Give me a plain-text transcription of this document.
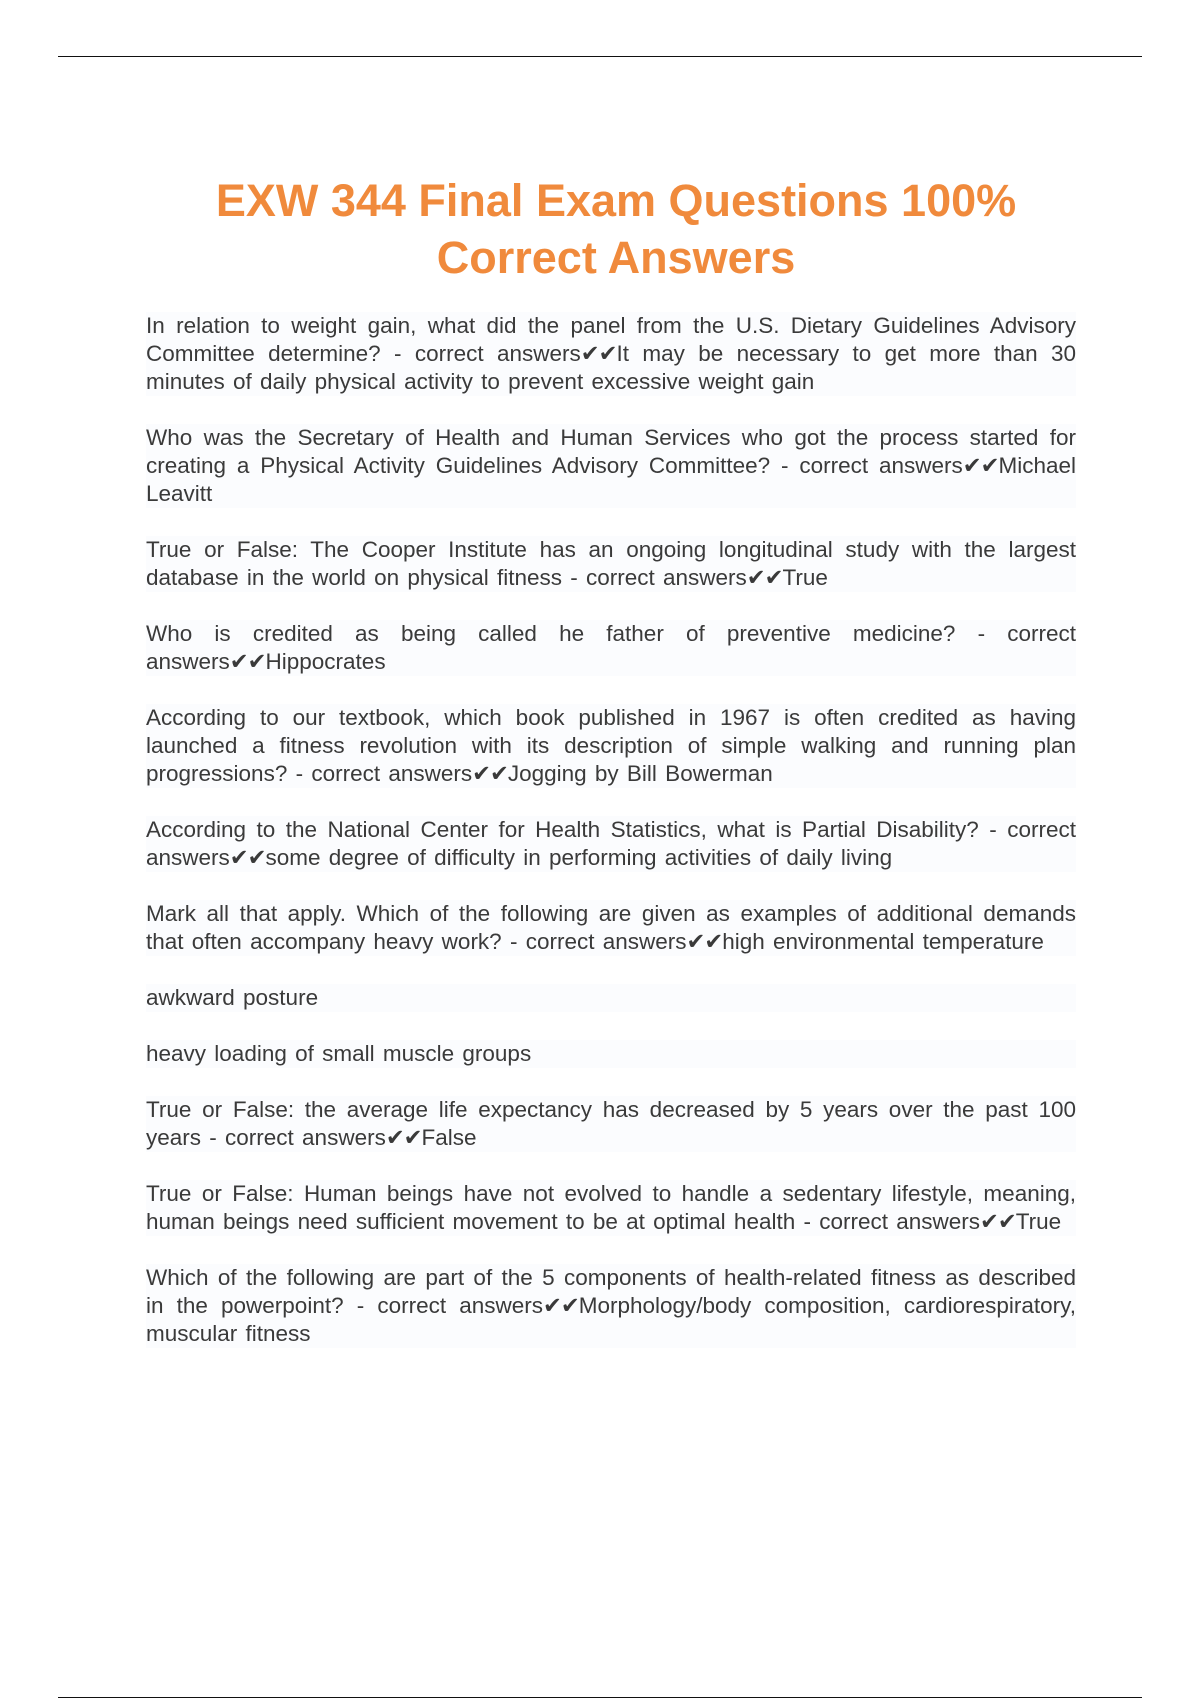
EXW 344 Final Exam Questions 100% Correct Answers

In relation to weight gain, what did the panel from the U.S. Dietary Guidelines Advisory Committee determine? - correct answers✔✔It may be necessary to get more than 30 minutes of daily physical activity to prevent excessive weight gain

Who was the Secretary of Health and Human Services who got the process started for creating a Physical Activity Guidelines Advisory Committee? - correct answers✔✔Michael Leavitt

True or False: The Cooper Institute has an ongoing longitudinal study with the largest database in the world on physical fitness - correct answers✔✔True

Who is credited as being called he father of preventive medicine? - correct answers✔✔Hippocrates

According to our textbook, which book published in 1967 is often credited as having launched a fitness revolution with its description of simple walking and running plan progressions? - correct answers✔✔Jogging by Bill Bowerman

According to the National Center for Health Statistics, what is Partial Disability? - correct answers✔✔some degree of difficulty in performing activities of daily living

Mark all that apply. Which of the following are given as examples of additional demands that often accompany heavy work? - correct answers✔✔high environmental temperature

awkward posture

heavy loading of small muscle groups

True or False: the average life expectancy has decreased by 5 years over the past 100 years - correct answers✔✔False

True or False: Human beings have not evolved to handle a sedentary lifestyle, meaning, human beings need sufficient movement to be at optimal health - correct answers✔✔True

Which of the following are part of the 5 components of health-related fitness as described in the powerpoint? - correct answers✔✔Morphology/body composition, cardiorespiratory, muscular fitness
